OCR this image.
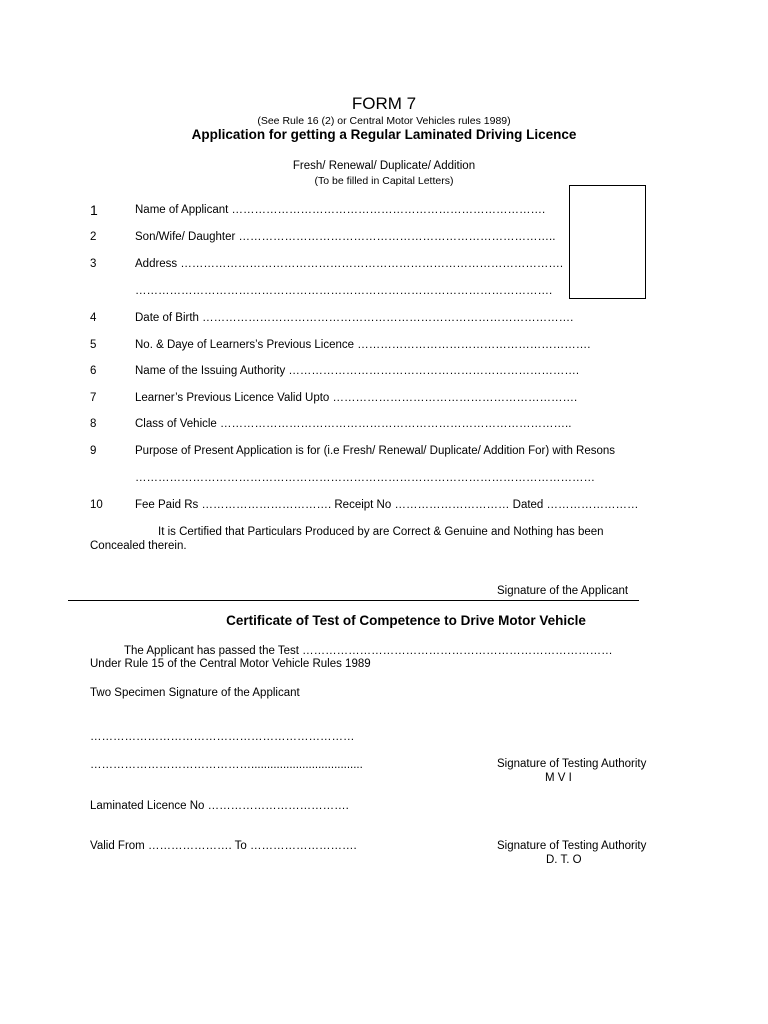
FORM 7
(See Rule 16 (2) or Central Motor Vehicles rules 1989)
Application for getting a Regular Laminated Driving Licence
Fresh/ Renewal/ Duplicate/ Addition
(To be filled in Capital Letters)
1	Name of Applicant ……………………………………………………………………….
2	Son/Wife/ Daughter ………………………………………………………………………..
3	Address ……………………………………………………………………………………….
……………………………………………………………………………………………….
4	Date of Birth …………………………………………………………………………………….
5	No. & Daye of Learners’s Previous Licence …………………………………………………….
6	Name of the Issuing Authority ………………………………………………………………….
7	Learner’s Previous Licence Valid Upto ……………………………………………………….
8	Class of Vehicle ………………………………………………………………………………..
9	Purpose of Present Application is for (i.e Fresh/ Renewal/ Duplicate/ Addition For) with Resons
…………………………………………………………………………………………………………
10	Fee Paid Rs ……………………………. Receipt No ………………………… Dated ……………………
It is Certified that Particulars Produced by are Correct & Genuine and Nothing has been
Concealed therein.
Signature of the Applicant
Certificate of Test of Competence to Drive Motor Vehicle
The Applicant has passed the Test ………………………………………………………………………
Under Rule 15 of the Central Motor Vehicle Rules 1989
Two Specimen Signature of the Applicant
……………………………………………………………
……………………………………...................................	Signature of Testing Authority
M V I
Laminated Licence No ……………………………….
Valid From …………………. To ……………………….	Signature of Testing Authority
D. T. O
